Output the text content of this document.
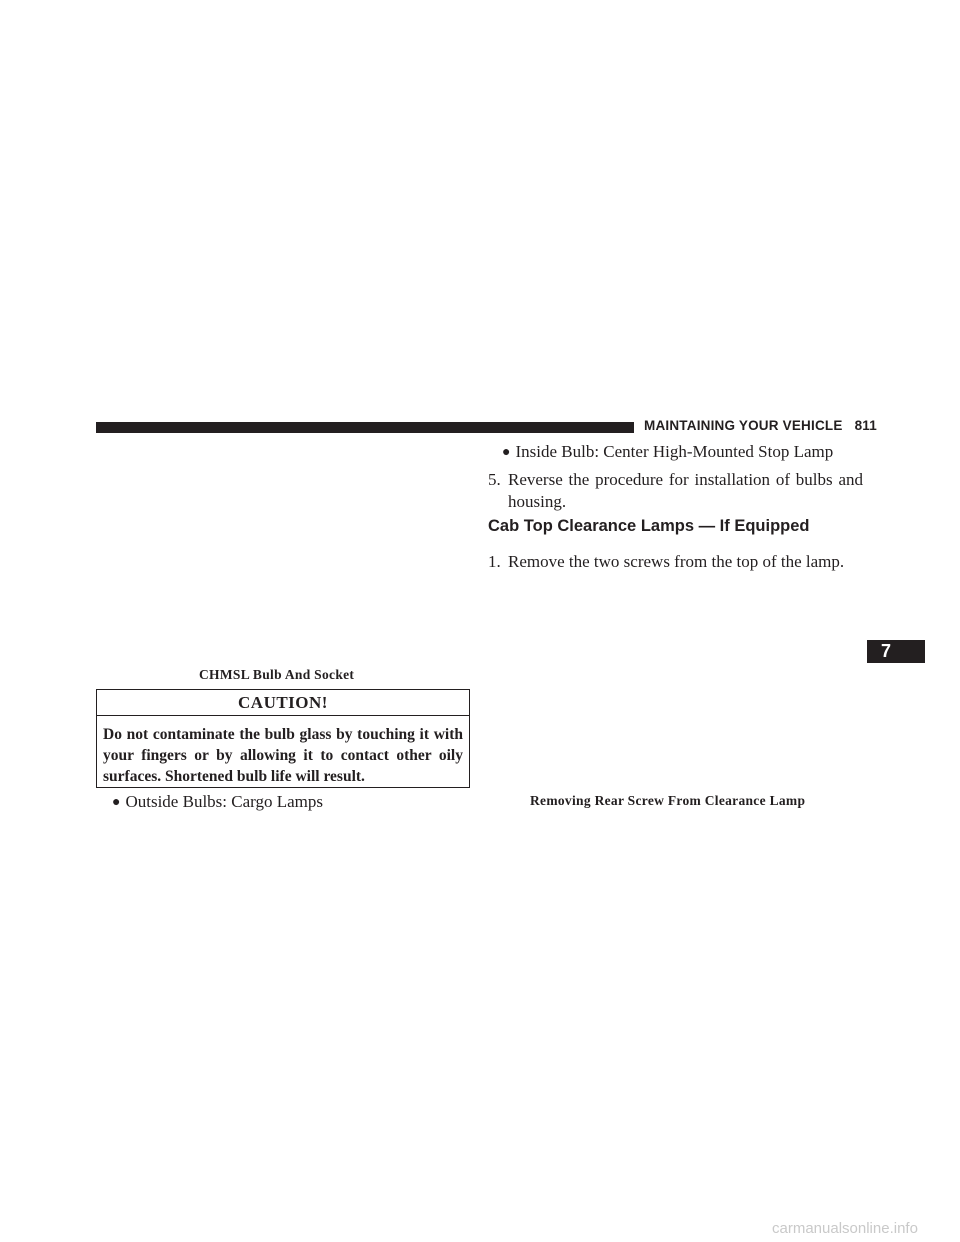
MAINTAINING YOUR VEHICLE 811
CHMSL Bulb And Socket
CAUTION!
Do not contaminate the bulb glass by touching it with your fingers or by allowing it to contact other oily surfaces. Shortened bulb life will result.
● Outside Bulbs: Cargo Lamps
● Inside Bulb: Center High-Mounted Stop Lamp
5. Reverse the procedure for installation of bulbs and housing.
Cab Top Clearance Lamps — If Equipped
1. Remove the two screws from the top of the lamp.
Removing Rear Screw From Clearance Lamp
7
carmanualsonline.info
